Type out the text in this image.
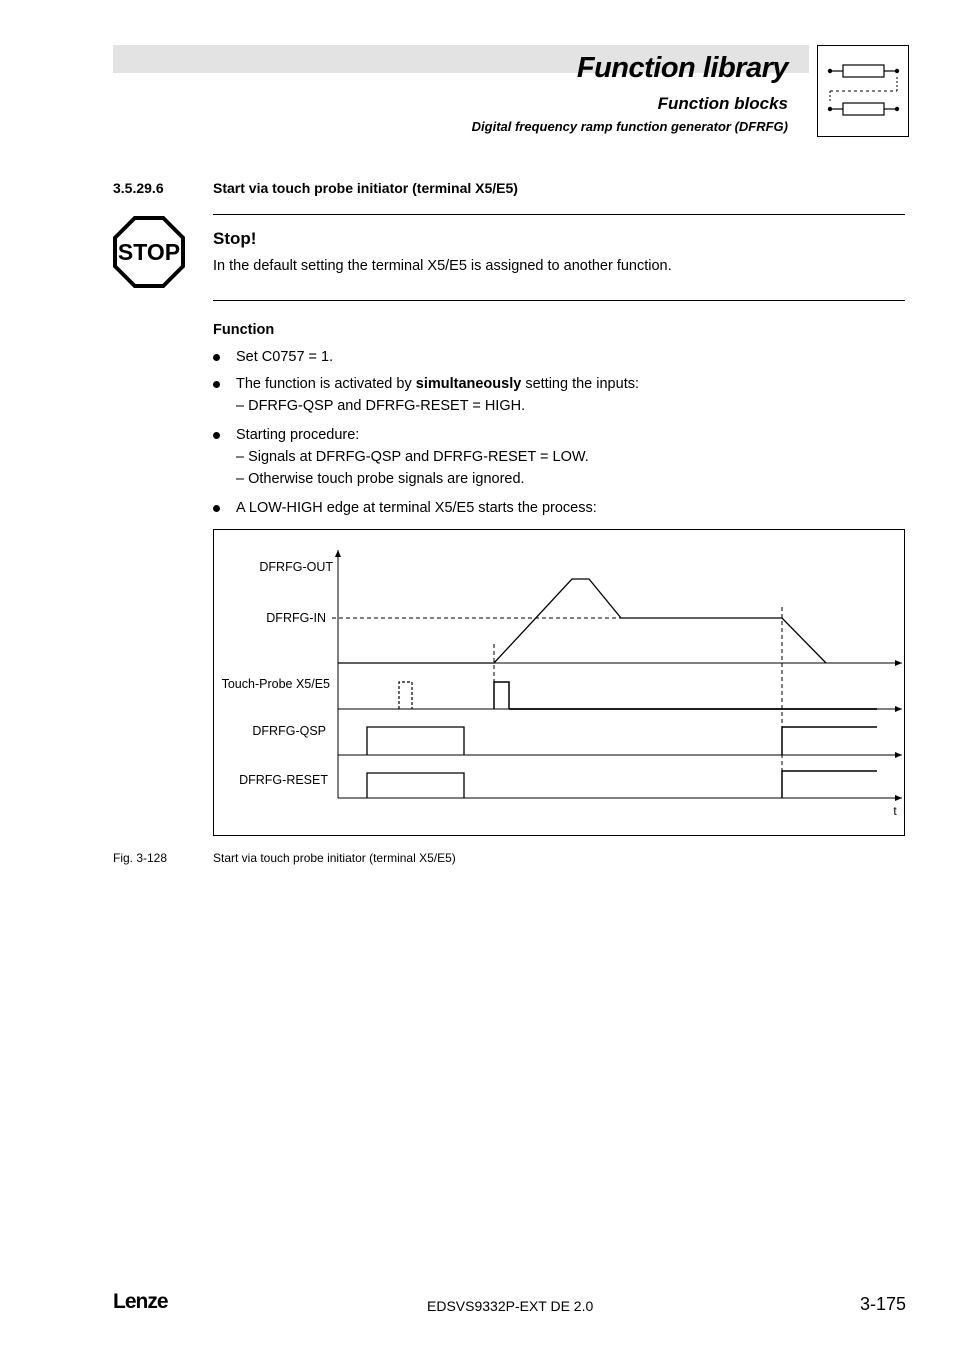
Function library
Function blocks
Digital frequency ramp function generator (DFRFG)
3.5.29.6	Start via touch probe initiator (terminal X5/E5)
STOP
Stop!
In the default setting the terminal X5/E5 is assigned to another function.
Function
Set C0757 = 1.
The function is activated by simultaneously setting the inputs:
– DFRFG-QSP and DFRFG-RESET = HIGH.
Starting procedure:
– Signals at DFRFG-QSP and DFRFG-RESET = LOW.
– Otherwise touch probe signals are ignored.
A LOW-HIGH edge at terminal X5/E5 starts the process:
DFRFG-OUT
DFRFG-IN
Touch-Probe X5/E5
DFRFG-QSP
DFRFG-RESET
t
Fig. 3-128	Start via touch probe initiator (terminal X5/E5)
Lenze	EDSVS9332P-EXT DE 2.0	3-175
